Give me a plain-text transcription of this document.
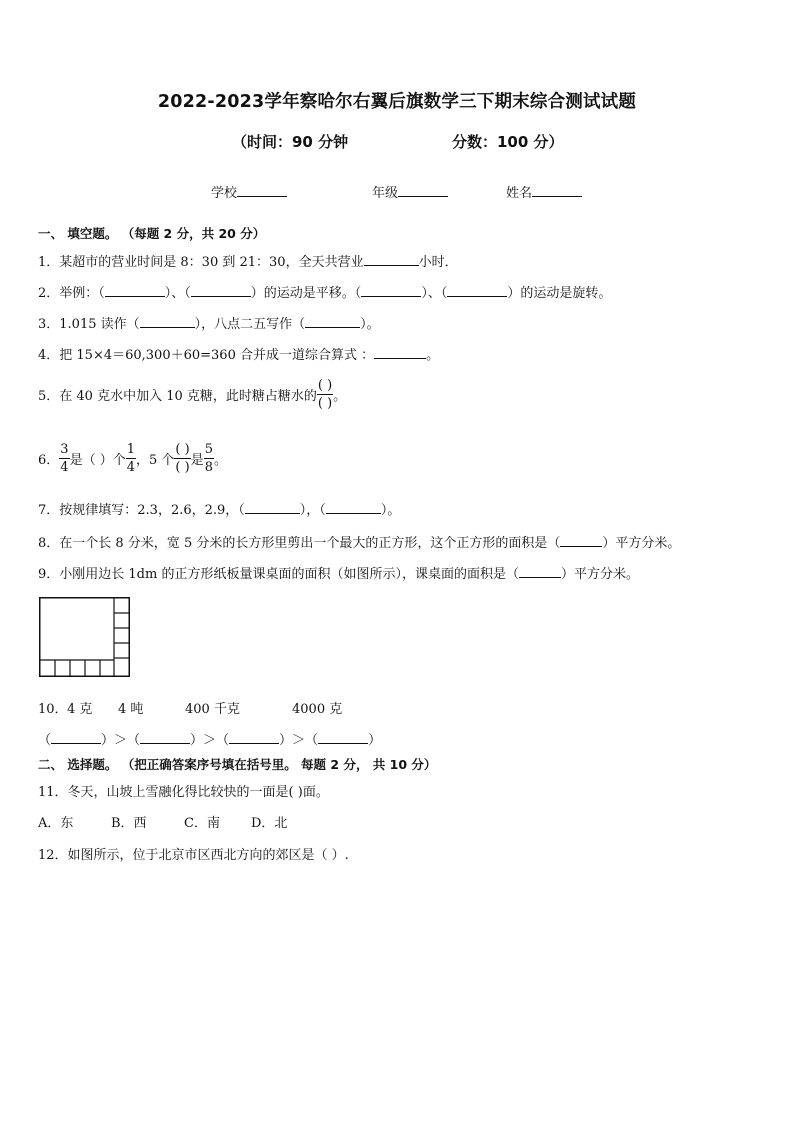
2022-2023学年察哈尔右翼后旗数学三下期末综合测试试题
（时间：90 分钟	分数：100 分）
学校	年级	姓名
一、 填空题。 （每题 2 分，共 20 分）
1．某超市的营业时间是 8：30 到 21：30，全天共营业	小时．
2．举例：（	）、（	）的运动是平移。（	）、（	）的运动是旋转。
3．1.015 读作（	），八点二五写作（	）。
4．把 15×4＝60,300＋60=360 合并成一道综合算式 ：	。
5．在 40 克水中加入 10 克糖，此时糖占糖水的 $\frac{( )}{( )}$ 。
6． $\frac{3}{4}$ 是（ ）个 $\frac{1}{4}$ ，5 个 $\frac{( )}{( )}$ 是 $\frac{5}{8}$ 。
7．按规律填写：2.3，2.6，2.9，（	），（	）。
8．在一个长 8 分米，宽 5 分米的长方形里剪出一个最大的正方形，这个正方形的面积是（	）平方分米。
9．小刚用边长 1dm 的正方形纸板量课桌面的面积（如图所示），课桌面的面积是（	）平方分米。
10． 4 克 4 吨	400 千克	4000 克
（	）＞（	）＞（	）＞（	）
二、 选择题。 （把正确答案序号填在括号里。 每题 2 分， 共 10 分）
11．冬天，山坡上雪融化得比较快的一面是( )面。
A．东	B．西	C．南 D．北
12．如图所示，位于北京市区西北方向的郊区是（ ）.
